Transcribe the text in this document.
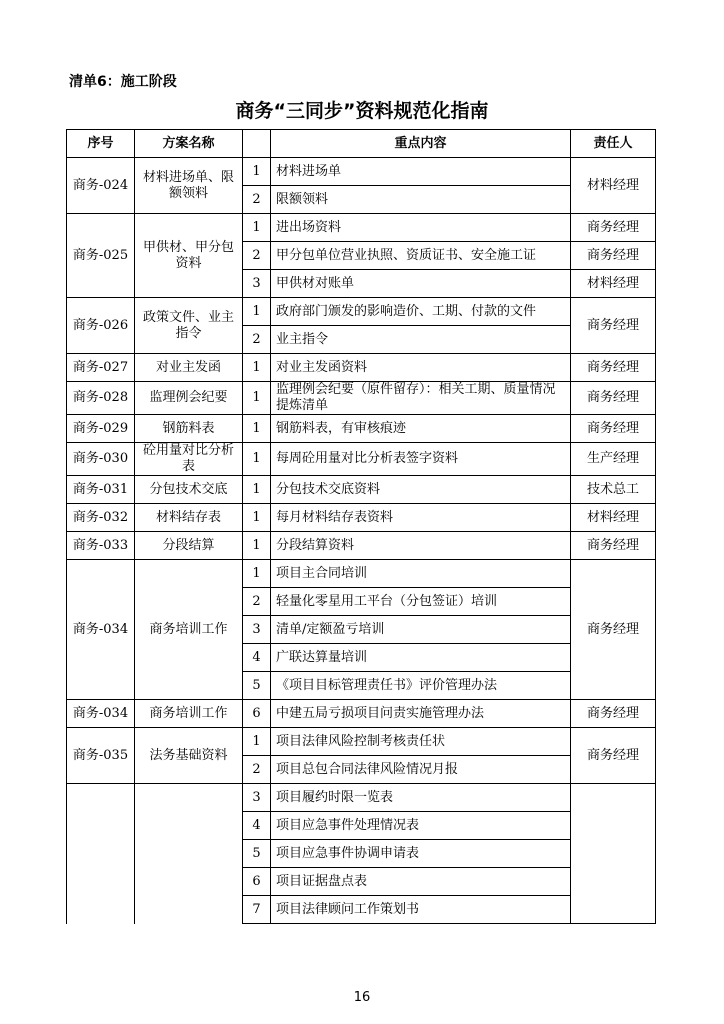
清单6：施工阶段
商务“三同步”资料规范化指南
序号	方案名称		重点内容	责任人
商务-024	材料进场单、限额领料	1	材料进场单	材料经理
		2	限额领料	
商务-025	甲供材、甲分包资料	1	进出场资料	商务经理
		2	甲分包单位营业执照、资质证书、安全施工证	商务经理
		3	甲供材对账单	材料经理
商务-026	政策文件、业主指令	1	政府部门颁发的影响造价、工期、付款的文件	商务经理
		2	业主指令	
商务-027	对业主发函	1	对业主发函资料	商务经理
商务-028	监理例会纪要	1	监理例会纪要（原件留存）：相关工期、质量情况提炼清单	商务经理
商务-029	钢筋料表	1	钢筋料表，有审核痕迹	商务经理
商务-030	砼用量对比分析表	1	每周砼用量对比分析表签字资料	生产经理
商务-031	分包技术交底	1	分包技术交底资料	技术总工
商务-032	材料结存表	1	每月材料结存表资料	材料经理
商务-033	分段结算	1	分段结算资料	商务经理
商务-034	商务培训工作	1	项目主合同培训	商务经理
		2	轻量化零星用工平台（分包签证）培训	
		3	清单/定额盈亏培训	
		4	广联达算量培训	
		5	《项目目标管理责任书》评价管理办法	
商务-034	商务培训工作	6	中建五局亏损项目问责实施管理办法	商务经理
商务-035	法务基础资料	1	项目法律风险控制考核责任状	商务经理
		2	项目总包合同法律风险情况月报	
		3	项目履约时限一览表	
		4	项目应急事件处理情况表	
		5	项目应急事件协调申请表	
		6	项目证据盘点表	
		7	项目法律顾问工作策划书	
16
